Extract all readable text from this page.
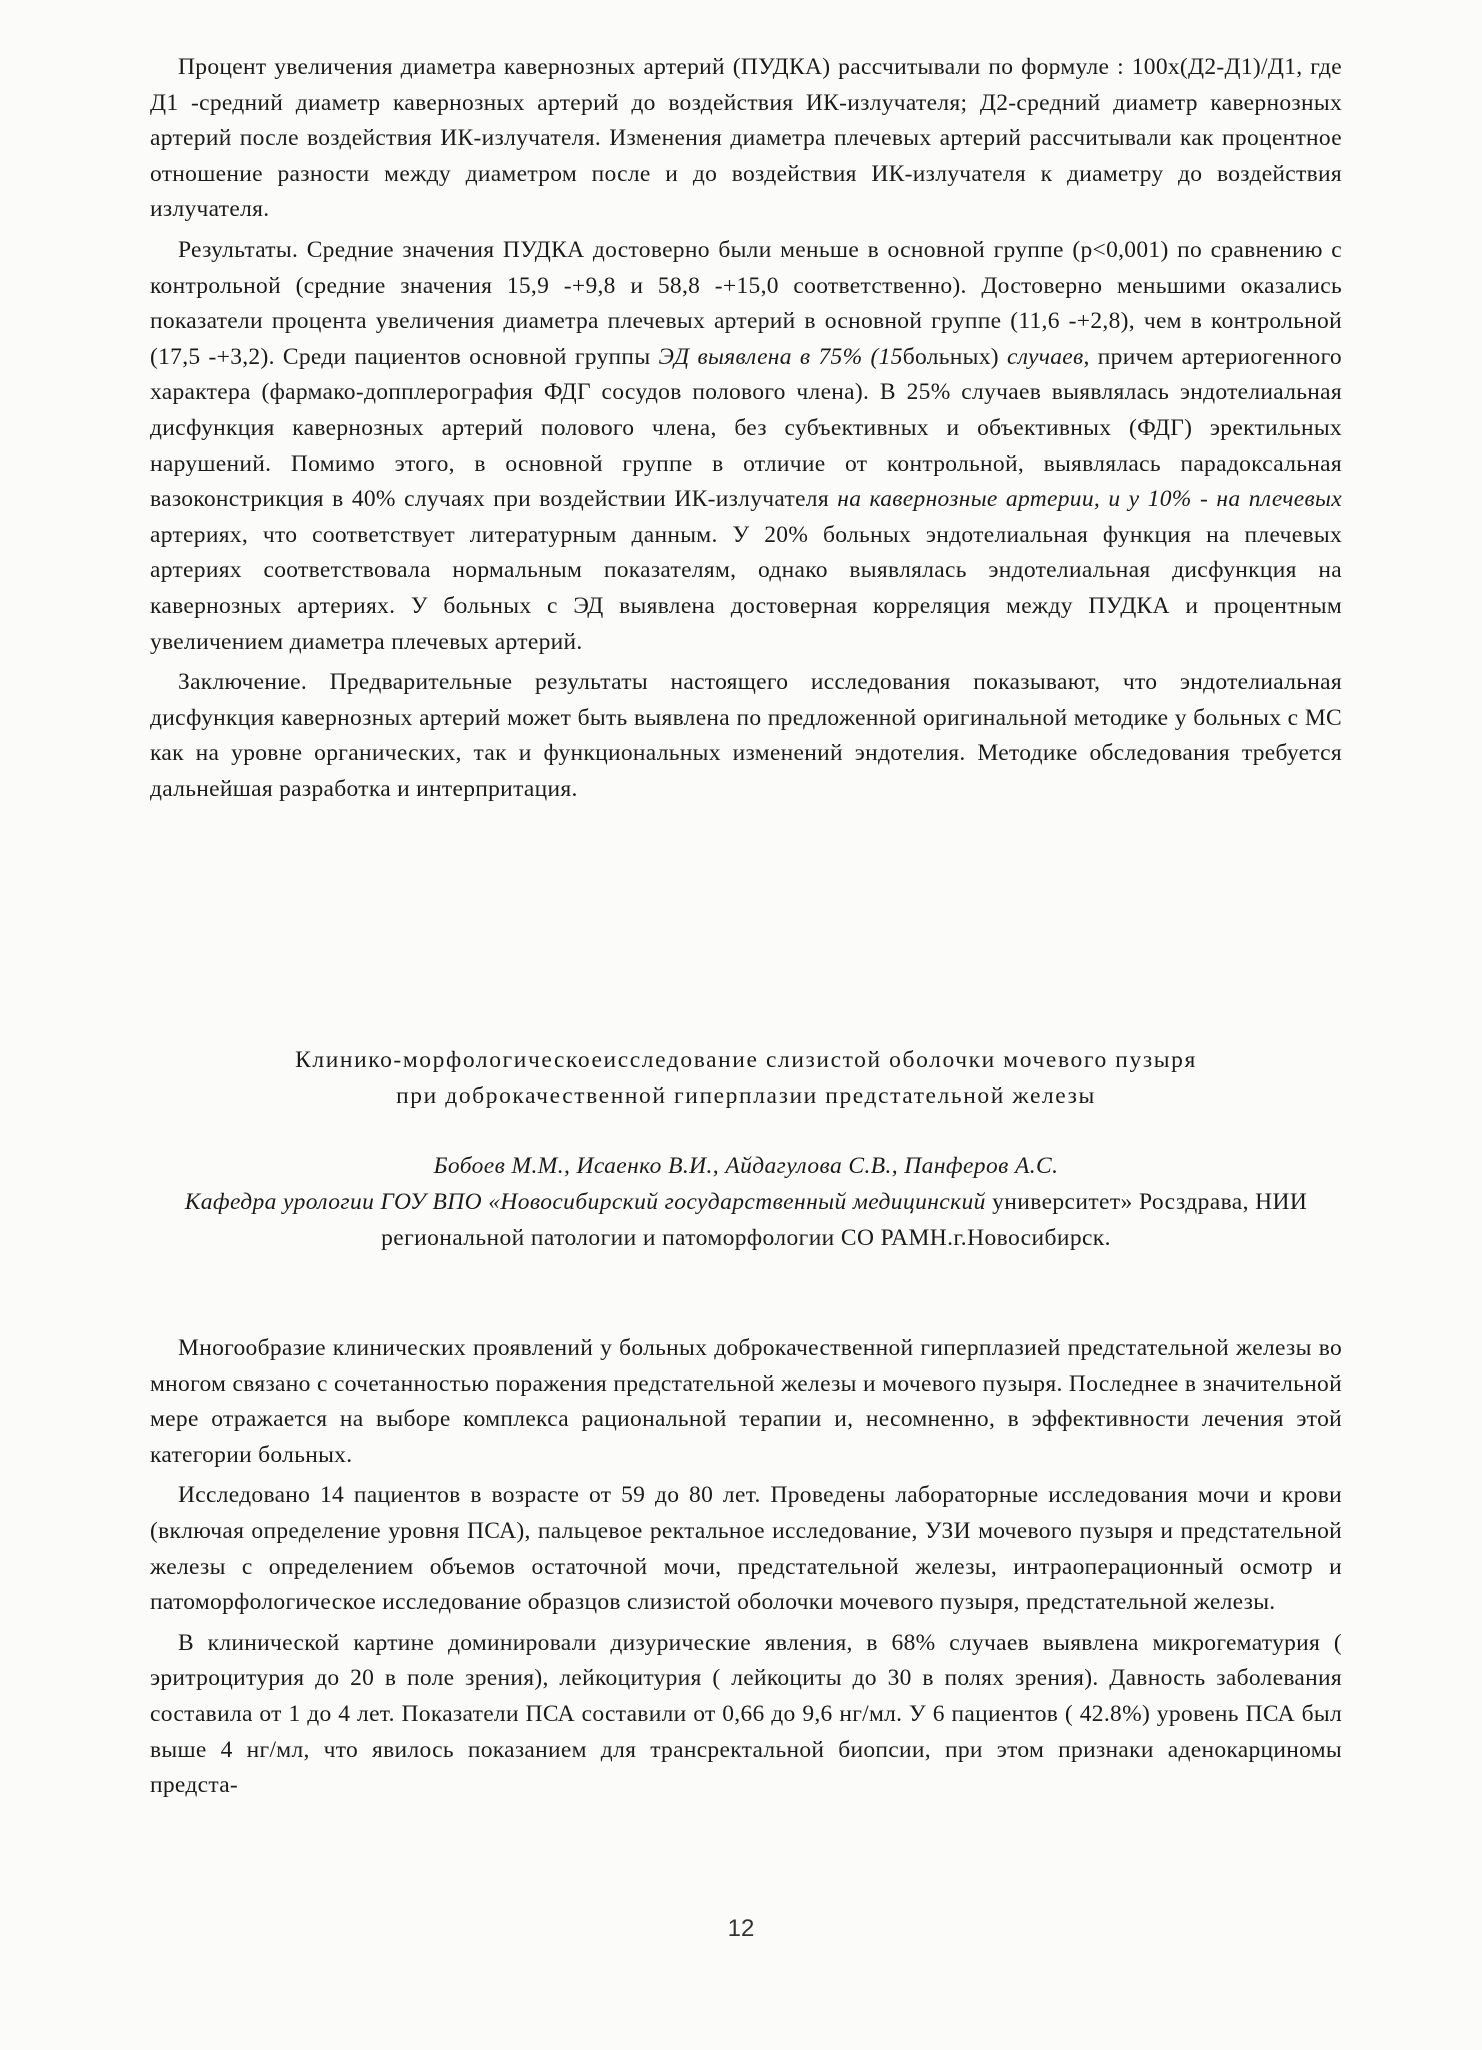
Процент увеличения диаметра кавернозных артерий (ПУДКА) рассчитывали по формуле : 100х(Д2-Д1)/Д1, где Д1 -средний диаметр кавернозных артерий до воздействия ИК-излучателя; Д2-средний диаметр кавернозных артерий после воздействия ИК-излучателя. Изменения диаметра плечевых артерий рассчитывали как процентное отношение разности между диаметром после и до воздействия ИК-излучателя к диаметру до воздействия излучателя.

Результаты. Средние значения ПУДКА достоверно были меньше в основной группе (р<0,001) по сравнению с контрольной (средние значения 15,9 -+9,8 и 58,8 -+15,0 соответственно). Достоверно меньшими оказались показатели процента увеличения диаметра плечевых артерий в основной группе (11,6 -+2,8), чем в контрольной (17,5 -+3,2). Среди пациентов основной группы ЭД выявлена в 75% (15больных) случаев, причем артериогенного характера (фармако-допплерография ФДГ сосудов полового члена). В 25% случаев выявлялась эндотелиальная дисфункция кавернозных артерий полового члена, без субъективных и объективных (ФДГ) эректильных нарушений. Помимо этого, в основной группе в отличие от контрольной, выявлялась парадоксальная вазоконстрикция в 40% случаях при воздействии ИК-излучателя на кавернозные артерии, и у 10% - на плечевых артериях, что соответствует литературным данным. У 20% больных эндотелиальная функция на плечевых артериях соответствовала нормальным показателям, однако выявлялась эндотелиальная дисфункция на кавернозных артериях. У больных с ЭД выявлена достоверная корреляция между ПУДКА и процентным увеличением диаметра плечевых артерий.

Заключение. Предварительные результаты настоящего исследования показывают, что эндотелиальная дисфункция кавернозных артерий может быть выявлена по предложенной оригинальной методике у больных с МС как на уровне органических, так и функциональных изменений эндотелия. Методике обследования требуется дальнейшая разработка и интерпритация.

Клинико-морфологическоеисследование слизистой оболочки мочевого пузыря
при доброкачественной гиперплазии предстательной железы
Бобоев М.М., Исаенко В.И., Айдагулова С.В., Панферов А.С.
Кафедра урологии ГОУ ВПО «Новосибирский государственный медицинский университет» Росздрава, НИИ региональной патологии и патоморфологии СО РАМН.г.Новосибирск.

Многообразие клинических проявлений у больных доброкачественной гиперплазией предстательной железы во многом связано с сочетанностью поражения предстательной железы и мочевого пузыря. Последнее в значительной мере отражается на выборе комплекса рациональной терапии и, несомненно, в эффективности лечения этой категории больных.

Исследовано 14 пациентов в возрасте от 59 до 80 лет. Проведены лабораторные исследования мочи и крови (включая определение уровня ПСА), пальцевое ректальное исследование, УЗИ мочевого пузыря и предстательной железы с определением объемов остаточной мочи, предстательной железы, интраоперационный осмотр и патоморфологическое исследование образцов слизистой оболочки мочевого пузыря, предстательной железы.

В клинической картине доминировали дизурические явления, в 68% случаев выявлена микрогематурия ( эритроцитурия до 20 в поле зрения), лейкоцитурия ( лейкоциты до 30 в полях зрения). Давность заболевания составила от 1 до 4 лет. Показатели ПСА составили от 0,66 до 9,6 нг/мл. У 6 пациентов ( 42.8%) уровень ПСА был выше 4 нг/мл, что явилось показанием для трансректальной биопсии, при этом признаки аденокарциномы предста-

12
